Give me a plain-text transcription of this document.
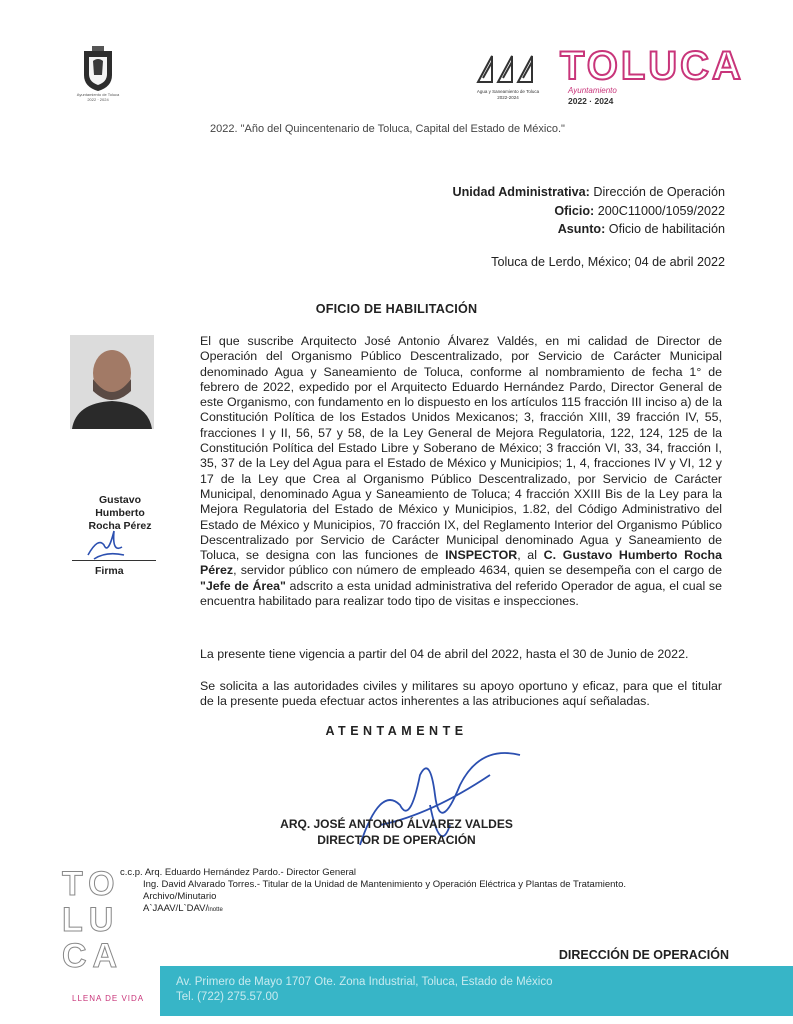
Ayuntamiento de Toluca
2022 · 2024
Agua y Saneamiento de Toluca
2022-2024
TOLUCA
Ayuntamiento
2022 · 2024
2022. "Año del Quincentenario de Toluca, Capital del Estado de México."
Unidad Administrativa: Dirección de Operación
Oficio: 200C11000/1059/2022
Asunto: Oficio de habilitación
Toluca de Lerdo, México; 04 de abril 2022
OFICIO DE HABILITACIÓN
Gustavo
Humberto
Rocha Pérez
Firma
El que suscribe Arquitecto José Antonio Álvarez Valdés, en mi calidad de Director de Operación del Organismo Público Descentralizado, por Servicio de Carácter Municipal denominado Agua y Saneamiento de Toluca, conforme al nombramiento de fecha 1° de febrero de 2022, expedido por el Arquitecto Eduardo Hernández Pardo, Director General de este Organismo, con fundamento en lo dispuesto en los artículos 115 fracción III inciso a) de la Constitución Política de los Estados Unidos Mexicanos; 3, fracción XIII, 39 fracción IV, 55, fracciones I y II, 56, 57 y 58, de la Ley General de Mejora Regulatoria, 122, 124, 125 de la Constitución Política del Estado Libre y Soberano de México; 3 fracción VI, 33, 34, fracción I, 35, 37 de la Ley del Agua para el Estado de México y Municipios; 1, 4, fracciones IV y VI, 12 y 17 de la Ley que Crea al Organismo Público Descentralizado, por Servicio de Carácter Municipal, denominado Agua y Saneamiento de Toluca; 4 fracción XXIII Bis de la Ley para la Mejora Regulatoria del Estado de México y Municipios, 1.82, del Código Administrativo del Estado de México y Municipios, 70 fracción IX, del Reglamento Interior del Organismo Público Descentralizado por Servicio de Carácter Municipal denominado Agua y Saneamiento de Toluca, se designa con las funciones de INSPECTOR, al C. Gustavo Humberto Rocha Pérez, servidor público con número de empleado 4634, quien se desempeña con el cargo de "Jefe de Área" adscrito a esta unidad administrativa del referido Operador de agua, el cual se encuentra habilitado para realizar todo tipo de visitas e inspecciones.
La presente tiene vigencia a partir del 04 de abril del 2022, hasta el 30 de Junio de 2022.
Se solicita a las autoridades civiles y militares su apoyo oportuno y eficaz, para que el titular de la presente pueda efectuar actos inherentes a las atribuciones aquí señaladas.
ATENTAMENTE
ARQ. JOSÉ ANTONIO ÁLVAREZ VALDES
DIRECTOR DE OPERACIÓN
c.c.p. Arq. Eduardo Hernández Pardo.- Director General
Ing. David Alvarado Torres.- Titular de la Unidad de Mantenimiento y Operación Eléctrica y Plantas de Tratamiento.
Archivo/Minutario
A`JAAV/L`DAV/lnotte
DIRECCIÓN DE OPERACIÓN
Av. Primero de Mayo 1707 Ote. Zona Industrial, Toluca, Estado de México
Tel. (722) 275.57.00
TO
LU
CA
LLENA DE VIDA
